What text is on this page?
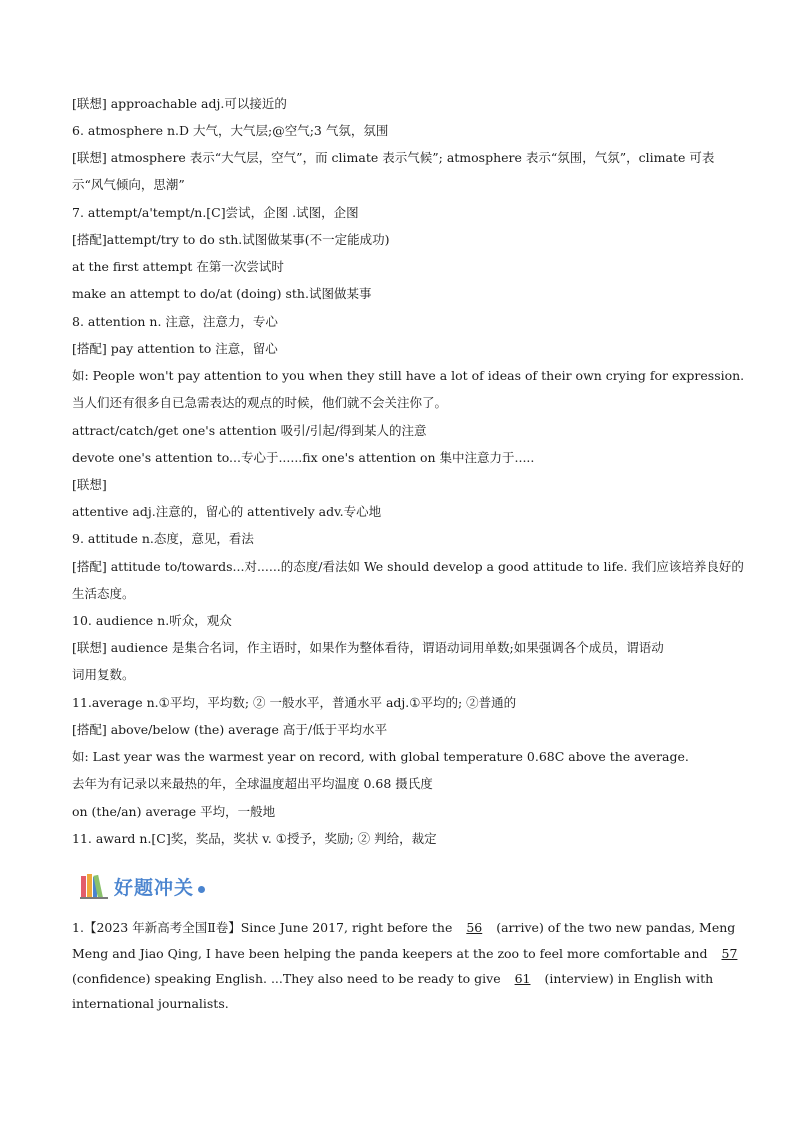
[联想] approachable adj.可以接近的
6. atmosphere n.D 大气，大气层;@空气;3 气氛，氛围
[联想] atmosphere 表示“大气层，空气”，而 climate 表示气候”; atmosphere 表示“氛围，气氛”，climate 可表
示“风气倾向，思潮”
7. attempt/a'tempt/n.[C]尝试，企图 .试图，企图
[搭配]attempt/try to do sth.试图做某事(不一定能成功)
at the first attempt 在第一次尝试时
make an attempt to do/at (doing) sth.试图做某事
8. attention n. 注意，注意力，专心
[搭配] pay attention to 注意，留心
如: People won't pay attention to you when they still have a lot of ideas of their own crying for expression.
当人们还有很多自已急需表达的观点的时候，他们就不会关注你了。
attract/catch/get one's attention 吸引/引起/得到某人的注意
devote one's attention to...专心于......fix one's attention on 集中注意力于.....
[联想]
attentive adj.注意的，留心的 attentively adv.专心地
9. attitude n.态度，意见，看法
[搭配] attitude to/towards...对......的态度/看法如 We should develop a good attitude to life. 我们应该培养良好的
生活态度。
10. audience n.听众，观众
[联想] audience 是集合名词，作主语时，如果作为整体看待，谓语动词用单数;如果强调各个成员，谓语动
词用复数。
11.average n.①平均，平均数; ② 一般水平，普通水平 adj.①平均的; ②普通的
[搭配] above/below (the) average 高于/低于平均水平
如: Last year was the warmest year on record, with global temperature 0.68C above the average.
去年为有记录以来最热的年，全球温度超出平均温度 0.68 摄氏度
on (the/an) average 平均，一般地
11. award n.[C]奖，奖品，奖状 v. ①授予，奖励; ② 判给，裁定
好题冲关
1.【2023 年新高考全国Ⅱ卷】Since June 2017, right before the 56 (arrive) of the two new pandas, Meng
Meng and Jiao Qing, I have been helping the panda keepers at the zoo to feel more comfortable and 57
(confidence) speaking English. ...They also need to be ready to give 61 (interview) in English with
international journalists.
